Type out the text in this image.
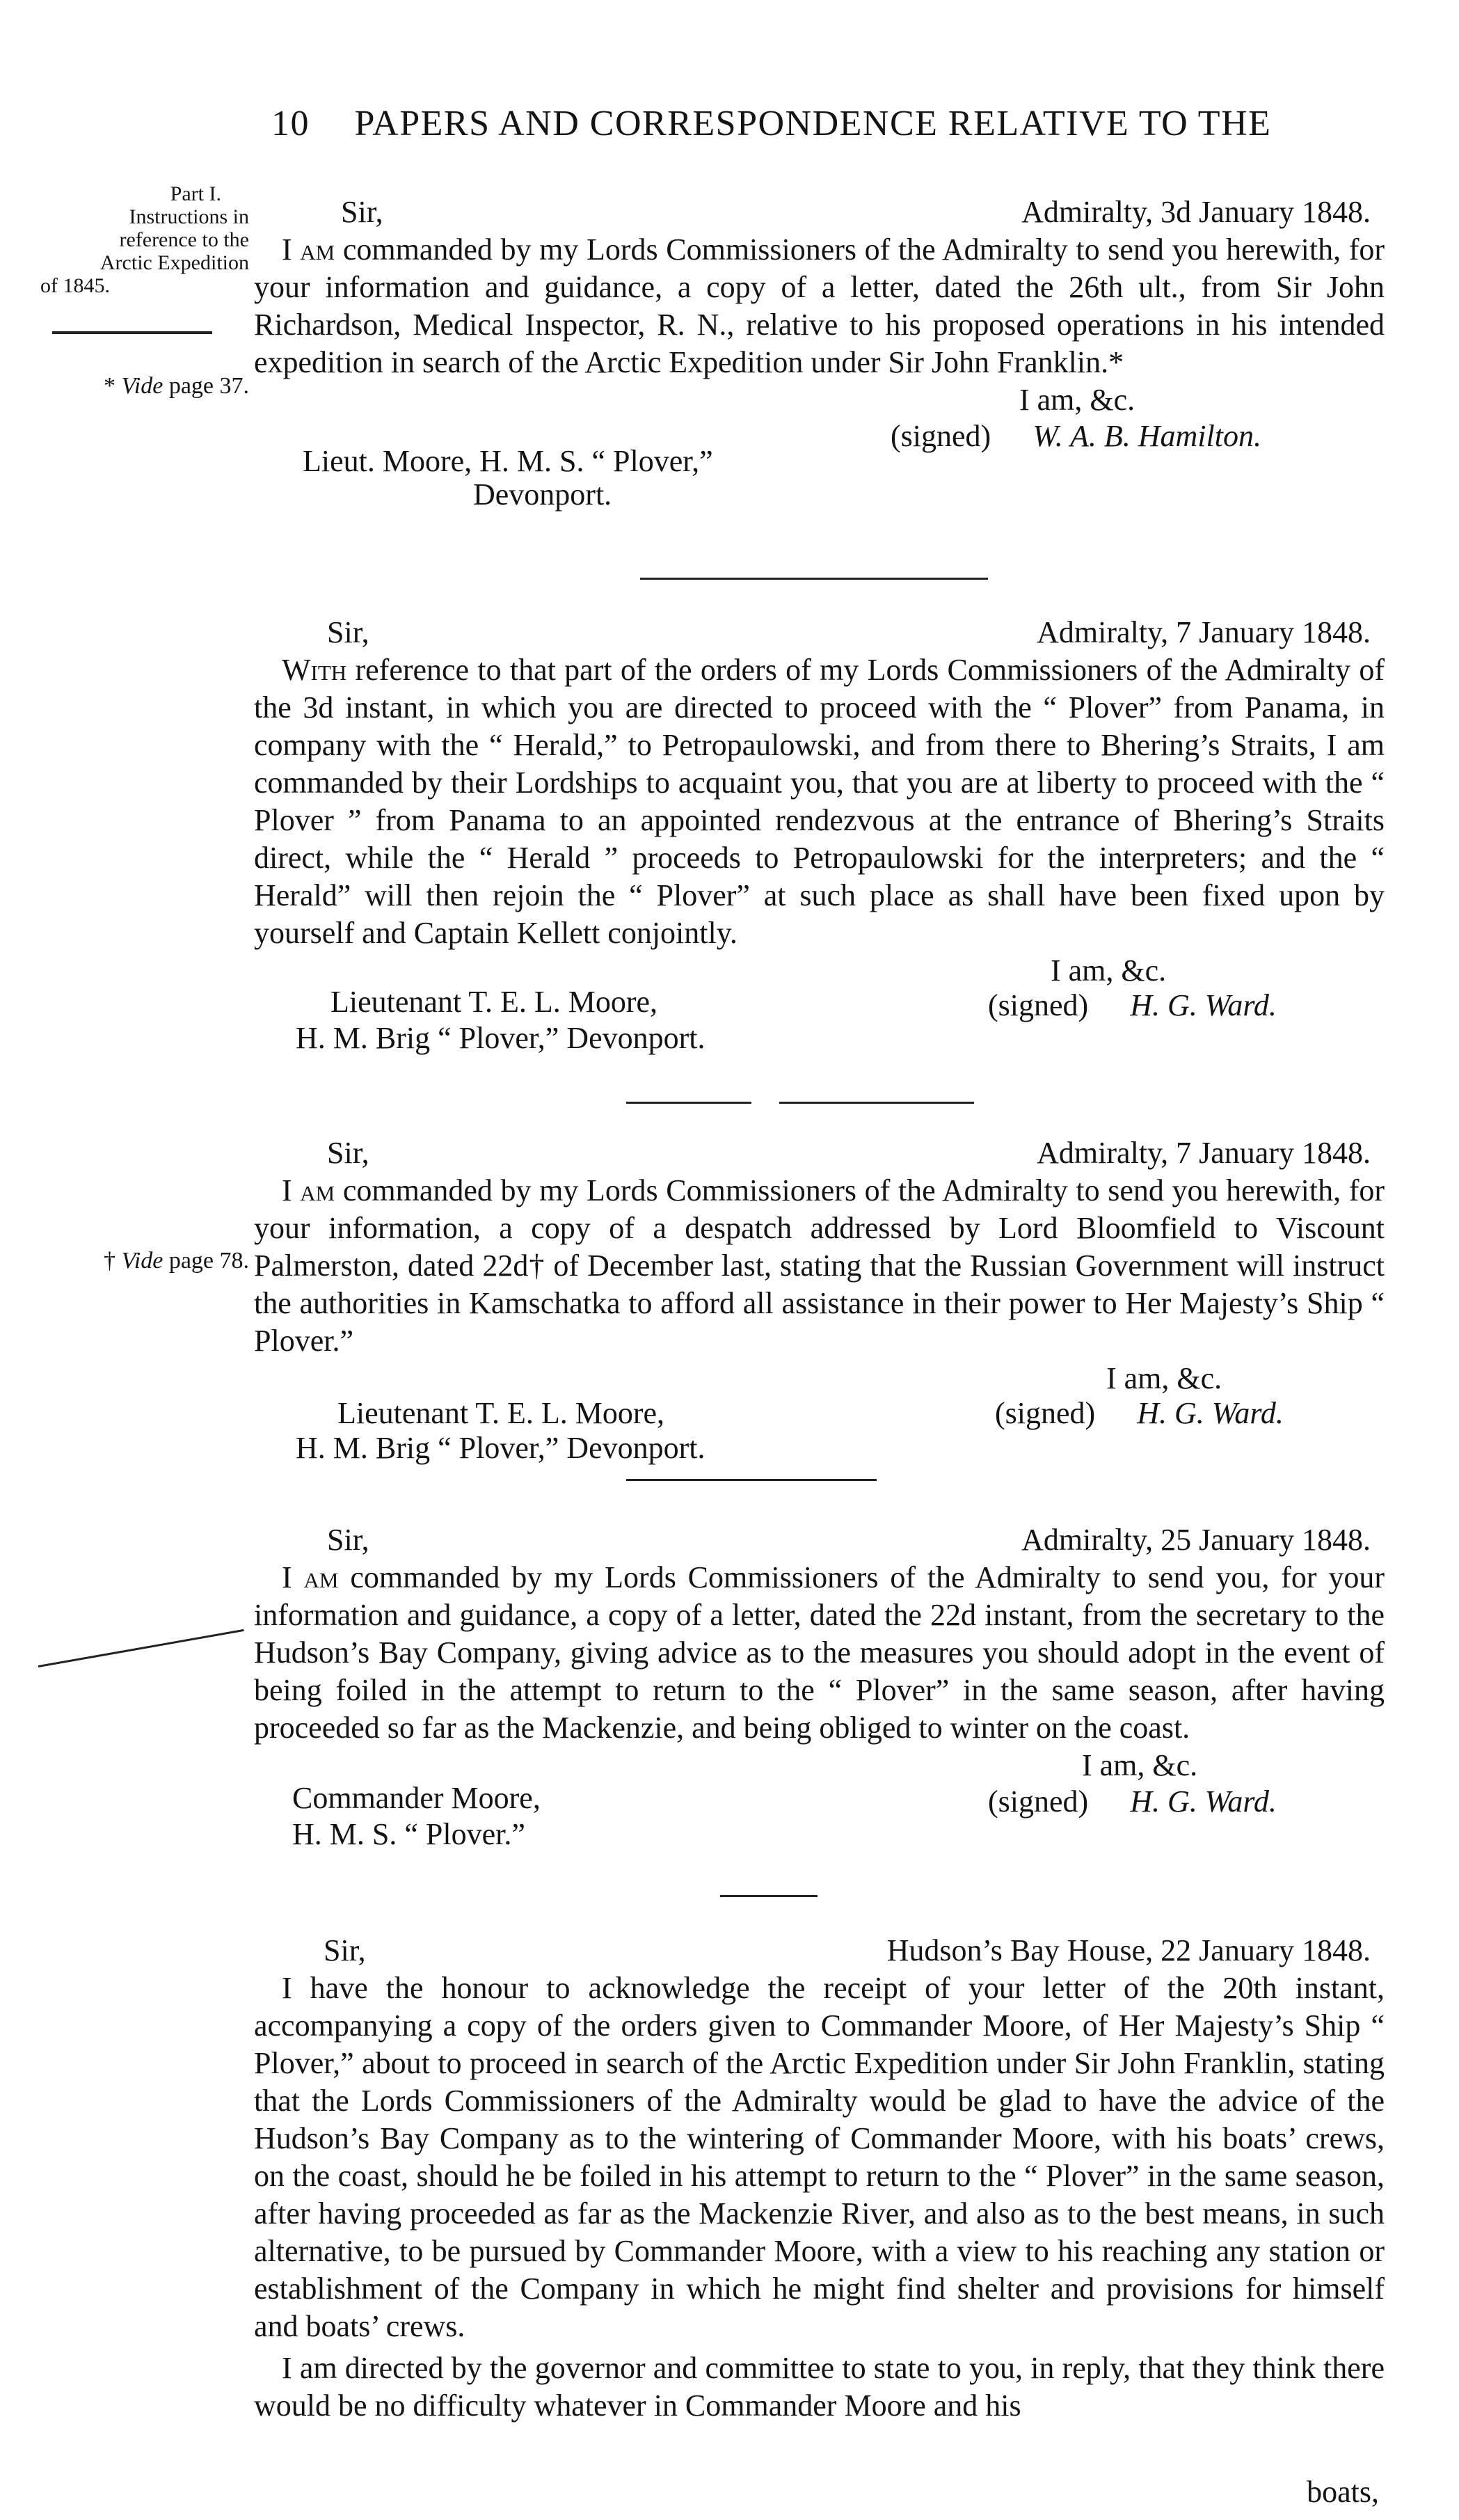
10 PAPERS AND CORRESPONDENCE RELATIVE TO THE
Part I.
Instructions in
reference to the
Arctic Expedition
of 1845.
* Vide page 37.
† Vide page 78.
Sir,	Admiralty, 3d January 1848.

I am commanded by my Lords Commissioners of the Admiralty to send you herewith, for your information and guidance, a copy of a letter, dated the 26th ult., from Sir John Richardson, Medical Inspector, R. N., relative to his proposed operations in his intended expedition in search of the Arctic Expedition under Sir John Franklin.*

I am, &c.
(signed) W. A. B. Hamilton.
Lieut. Moore, H. M. S. “ Plover,”
Devonport.
Sir,	Admiralty, 7 January 1848.

With reference to that part of the orders of my Lords Commissioners of the Admiralty of the 3d instant, in which you are directed to proceed with the “ Plover” from Panama, in company with the “ Herald,” to Petropaulowski, and from there to Bhering’s Straits, I am commanded by their Lordships to acquaint you, that you are at liberty to proceed with the “ Plover ” from Panama to an appointed rendezvous at the entrance of Bhering’s Straits direct, while the “ Herald ” proceeds to Petropaulowski for the interpreters; and the “ Herald” will then rejoin the “ Plover” at such place as shall have been fixed upon by yourself and Captain Kellett conjointly.

I am, &c.
(signed) H. G. Ward.
Lieutenant T. E. L. Moore,
H. M. Brig “ Plover,” Devonport.
Sir,	Admiralty, 7 January 1848.

I am commanded by my Lords Commissioners of the Admiralty to send you herewith, for your information, a copy of a despatch addressed by Lord Bloomfield to Viscount Palmerston, dated 22d† of December last, stating that the Russian Government will instruct the authorities in Kamschatka to afford all assistance in their power to Her Majesty’s Ship “ Plover.”

I am, &c.
(signed) H. G. Ward.
Lieutenant T. E. L. Moore,
H. M. Brig “ Plover,” Devonport.
Sir,	Admiralty, 25 January 1848.

I am commanded by my Lords Commissioners of the Admiralty to send you, for your information and guidance, a copy of a letter, dated the 22d instant, from the secretary to the Hudson’s Bay Company, giving advice as to the measures you should adopt in the event of being foiled in the attempt to return to the “ Plover” in the same season, after having proceeded so far as the Mackenzie, and being obliged to winter on the coast.

I am, &c.
(signed) H. G. Ward.
Commander Moore,
H. M. S. “ Plover.”
Sir,	Hudson’s Bay House, 22 January 1848.

I have the honour to acknowledge the receipt of your letter of the 20th instant, accompanying a copy of the orders given to Commander Moore, of Her Majesty’s Ship “ Plover,” about to proceed in search of the Arctic Expedition under Sir John Franklin, stating that the Lords Commissioners of the Admiralty would be glad to have the advice of the Hudson’s Bay Company as to the wintering of Commander Moore, with his boats’ crews, on the coast, should he be foiled in his attempt to return to the “ Plover” in the same season, after having proceeded as far as the Mackenzie River, and also as to the best means, in such alternative, to be pursued by Commander Moore, with a view to his reaching any station or establishment of the Company in which he might find shelter and provisions for himself and boats’ crews.

I am directed by the governor and committee to state to you, in reply, that they think there would be no difficulty whatever in Commander Moore and his

boats,
